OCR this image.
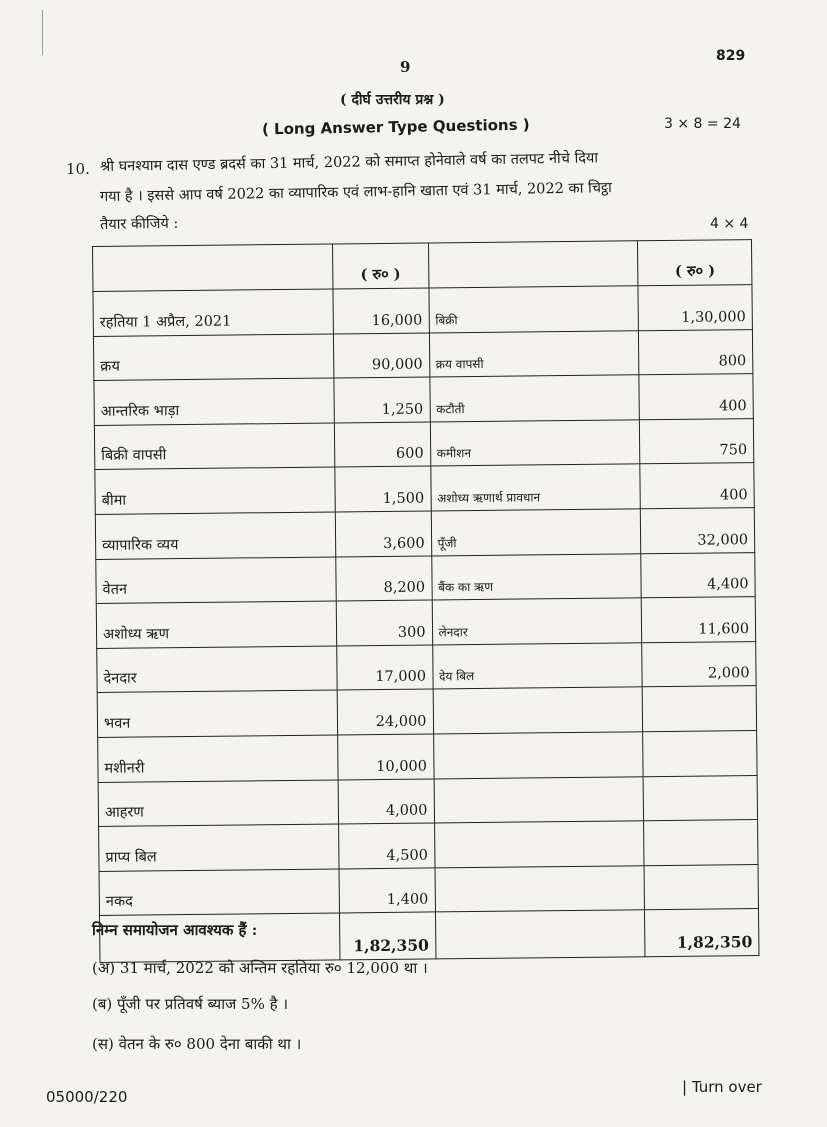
9
829
( दीर्घ उत्तरीय प्रश्न )
( Long Answer Type Questions )	3 × 8 = 24
10. श्री घनश्याम दास एण्ड ब्रदर्स का 31 मार्च, 2022 को समाप्त होनेवाले वर्ष का तलपट नीचे दिया
गया है । इससे आप वर्ष 2022 का व्यापारिक एवं लाभ-हानि खाता एवं 31 मार्च, 2022 का चिट्ठा
तैयार कीजिये :	4 × 4
	( रु० )		( रु० )
रहतिया 1 अप्रैल, 2021	16,000	बिक्री	1,30,000
क्रय	90,000	क्रय वापसी	800
आन्तरिक भाड़ा	1,250	कटौती	400
बिक्री वापसी	600	कमीशन	750
बीमा	1,500	अशोध्य ऋणार्थ प्रावधान	400
व्यापारिक व्यय	3,600	पूँजी	32,000
वेतन	8,200	बैंक का ऋण	4,400
अशोध्य ऋण	300	लेनदार	11,600
देनदार	17,000	देय बिल	2,000
भवन	24,000		
मशीनरी	10,000		
आहरण	4,000		
प्राप्य बिल	4,500		
नकद	1,400		
	1,82,350		1,82,350
निम्न समायोजन आवश्यक हैं :
(अ) 31 मार्च, 2022 को अन्तिम रहतिया रु० 12,000 था ।
(ब) पूँजी पर प्रतिवर्ष ब्याज 5% है ।
(स) वेतन के रु० 800 देना बाकी था ।
05000/220
| Turn over
